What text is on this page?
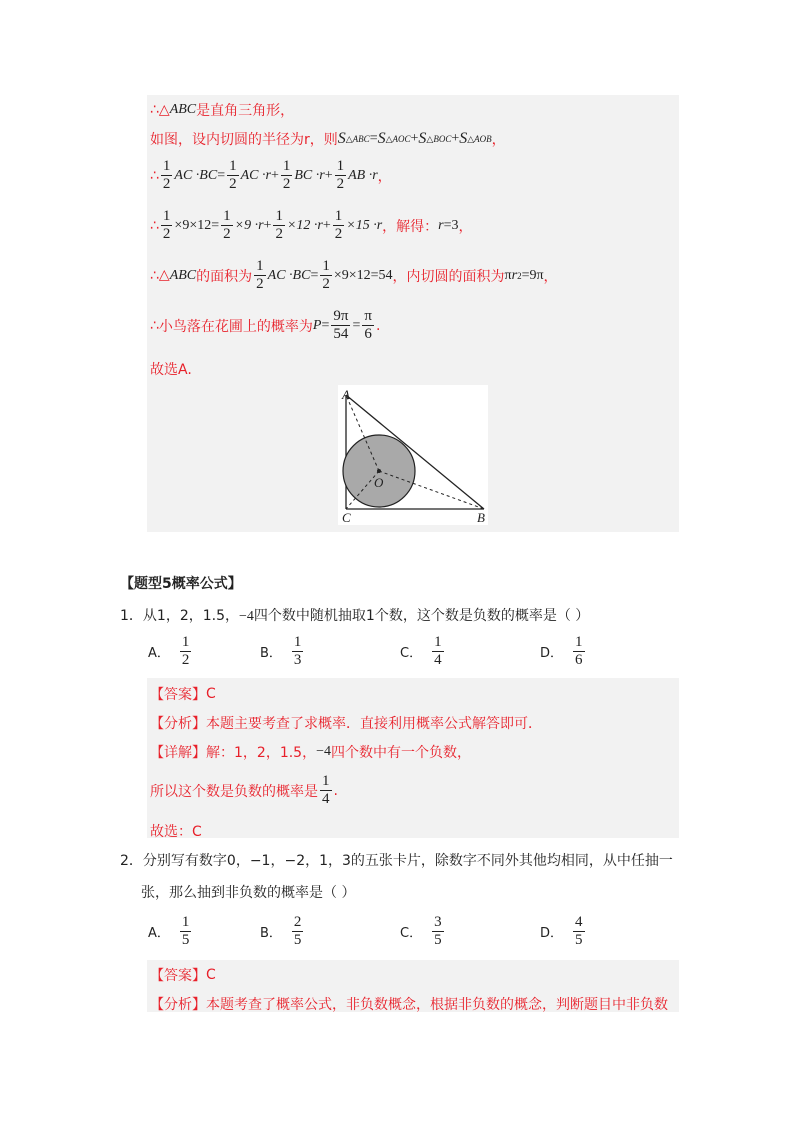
∴ △ ABC 是直角三角形，
如图，设内切圆的半径为r，则 S △ABC = S △AOC + S △BOC + S △AOB ，
∴ $\frac{1}{2}$ AC $\cdot BC = \frac{1}{2}$ AC $\cdot r + \frac{1}{2}$ BC $\cdot r + \frac{1}{2}$ AB ·r ，
∴ $\frac{1}{2} \times 9\times 12 = \frac{1}{2} \times 9 \cdot r + \frac{1}{2} \times 12 \cdot r + \frac{1}{2} \times 15 \cdot r$ ，解得： r =3 ，
∴ △ ABC 的面积为 $\frac{1}{2}$ AC $\cdot BC = \frac{1}{2} \times 9\times 12=54$ ，内切圆的面积为 π r 2 =9π ，
∴ 小鸟落在花圃上的概率为 $P = \frac{9\pi}{54} = \frac{\pi}{6}$ .
故选A.
A
B
C
O
【题型5概率公式】
1．从1，2，1.5，−4四个数中随机抽取1个数，这个数是负数的概率是（ ）
A． $\frac{1}{2}$	B． $\frac{1}{3}$	C． $\frac{1}{4}$	D． $\frac{1}{6}$
【答案】 C
【分析】 本题主要考查了求概率．直接利用概率公式解答即可．
【详解】 解：1，2，1.5， −4 四个数中有一个负数，
所以这个数是负数的概率是 $\frac{1}{4}$ .
故选：C
2．分别写有数字0，−1，−2，1，3的五张卡片，除数字不同外其他均相同，从中任抽一
张，那么抽到非负数的概率是（ ）
A． $\frac{1}{5}$	B． $\frac{2}{5}$	C． $\frac{3}{5}$	D． $\frac{4}{5}$
【答案】 C
【分析】 本题考查了概率公式，非负数概念，根据非负数的概念，判断题目中非负数
